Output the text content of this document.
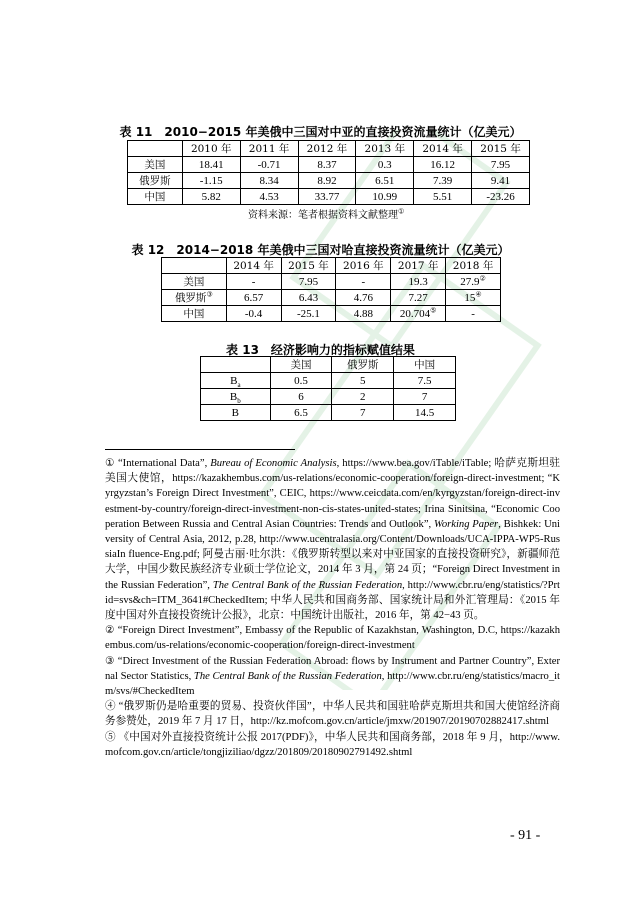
表 11　2010−2015 年美俄中三国对中亚的直接投资流量统计（亿美元）
	2010 年	2011 年	2012 年	2013 年	2014 年	2015 年
美国	18.41	-0.71	8.37	0.3	16.12	7.95
俄罗斯	-1.15	8.34	8.92	6.51	7.39	9.41
中国	5.82	4.53	33.77	10.99	5.51	-23.26
资料来源：笔者根据资料文献整理①
表 12　2014−2018 年美俄中三国对哈直接投资流量统计（亿美元）
	2014 年	2015 年	2016 年	2017 年	2018 年
美国	-	7.95	-	19.3	27.9②
俄罗斯③	6.57	6.43	4.76	7.27	15④
中国	-0.4	-25.1	4.88	20.704⑤	-
表 13　经济影响力的指标赋值结果
	美国	俄罗斯	中国
$B_a$	0.5	5	7.5
$B_b$	6	2	7
B	6.5	7	14.5

① “International Data”, Bureau of Economic Analysis, https://www.bea.gov/iTable/iTable; 哈萨克斯坦驻美国大使馆，https://kazakhembus.com/us-relations/economic-cooperation/foreign-direct-investment; “Kyrgyzstan’s Foreign Direct Investment”, CEIC, https://www.ceicdata.com/en/kyrgyzstan/foreign-direct-investment-by-country/foreign-direct-investment-non-cis-states-united-states; Irina Sinitsina, “Economic Cooperation Between Russia and Central Asian Countries: Trends and Outlook”, Working Paper, Bishkek: University of Central Asia, 2012, p.28, http://www.ucentralasia.org/Content/Downloads/UCA-IPPA-WP5-RussiaIn fluence-Eng.pdf; 阿曼古丽·吐尔洪：《俄罗斯转型以来对中亚国家的直接投资研究》，新疆师范大学，中国少数民族经济专业硕士学位论文，2014 年 3 月，第 24 页；“Foreign Direct Investment in the Russian Federation”, The Central Bank of the Russian Federation, http://www.cbr.ru/eng/statistics/?Prtid=svs&ch=ITM_3641#CheckedItem; 中华人民共和国商务部、国家统计局和外汇管理局：《2015 年度中国对外直接投资统计公报》，北京：中国统计出版社，2016 年，第 42−43 页。

② “Foreign Direct Investment”, Embassy of the Republic of Kazakhstan, Washington, D.C, https://kazakhembus.com/us-relations/economic-cooperation/foreign-direct-investment

③ “Direct Investment of the Russian Federation Abroad: flows by Instrument and Partner Country”, External Sector Statistics, The Central Bank of the Russian Federation, http://www.cbr.ru/eng/statistics/macro_itm/svs/#CheckedItem

④ “俄罗斯仍是哈重要的贸易、投资伙伴国”，中华人民共和国驻哈萨克斯坦共和国大使馆经济商务参赞处，2019 年 7 月 17 日，http://kz.mofcom.gov.cn/article/jmxw/201907/20190702882417.shtml

⑤ 《中国对外直接投资统计公报 2017(PDF)》，中华人民共和国商务部，2018 年 9 月，http://www.mofcom.gov.cn/article/tongjiziliao/dgzz/201809/20180902791492.shtml

- 91 -
